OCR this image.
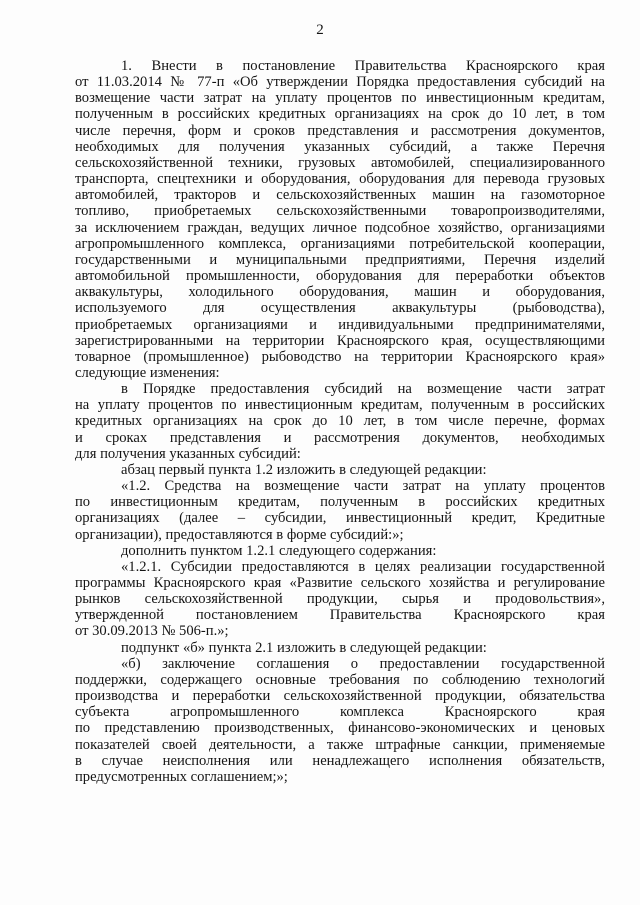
2

1. Внести в постановление Правительства Красноярского края
от 11.03.2014 № 77-п «Об утверждении Порядка предоставления субсидий на
возмещение части затрат на уплату процентов по инвестиционным кредитам,
полученным в российских кредитных организациях на срок до 10 лет, в том
числе перечня, форм и сроков представления и рассмотрения документов,
необходимых для получения указанных субсидий, а также Перечня
сельскохозяйственной техники, грузовых автомобилей, специализированного
транспорта, спецтехники и оборудования, оборудования для перевода грузовых
автомобилей, тракторов и сельскохозяйственных машин на газомоторное
топливо, приобретаемых сельскохозяйственными товаропроизводителями,
за исключением граждан, ведущих личное подсобное хозяйство, организациями
агропромышленного комплекса, организациями потребительской кооперации,
государственными и муниципальными предприятиями, Перечня изделий
автомобильной промышленности, оборудования для переработки объектов
аквакультуры, холодильного оборудования, машин и оборудования,
используемого для осуществления аквакультуры (рыбоводства),
приобретаемых организациями и индивидуальными предпринимателями,
зарегистрированными на территории Красноярского края, осуществляющими
товарное (промышленное) рыбоводство на территории Красноярского края»
следующие изменения:

в Порядке предоставления субсидий на возмещение части затрат
на уплату процентов по инвестиционным кредитам, полученным в российских
кредитных организациях на срок до 10 лет, в том числе перечне, формах
и сроках представления и рассмотрения документов, необходимых
для получения указанных субсидий:

абзац первый пункта 1.2 изложить в следующей редакции:

«1.2. Средства на возмещение части затрат на уплату процентов
по инвестиционным кредитам, полученным в российских кредитных
организациях (далее – субсидии, инвестиционный кредит, Кредитные
организации), предоставляются в форме субсидий:»;

дополнить пунктом 1.2.1 следующего содержания:

«1.2.1. Субсидии предоставляются в целях реализации государственной
программы Красноярского края «Развитие сельского хозяйства и регулирование
рынков сельскохозяйственной продукции, сырья и продовольствия»,
утвержденной постановлением Правительства Красноярского края
от 30.09.2013 № 506-п.»;

подпункт «б» пункта 2.1 изложить в следующей редакции:

«б) заключение соглашения о предоставлении государственной
поддержки, содержащего основные требования по соблюдению технологий
производства и переработки сельскохозяйственной продукции, обязательства
субъекта агропромышленного комплекса Красноярского края
по представлению производственных, финансово-экономических и ценовых
показателей своей деятельности, а также штрафные санкции, применяемые
в случае неисполнения или ненадлежащего исполнения обязательств,
предусмотренных соглашением;»;
